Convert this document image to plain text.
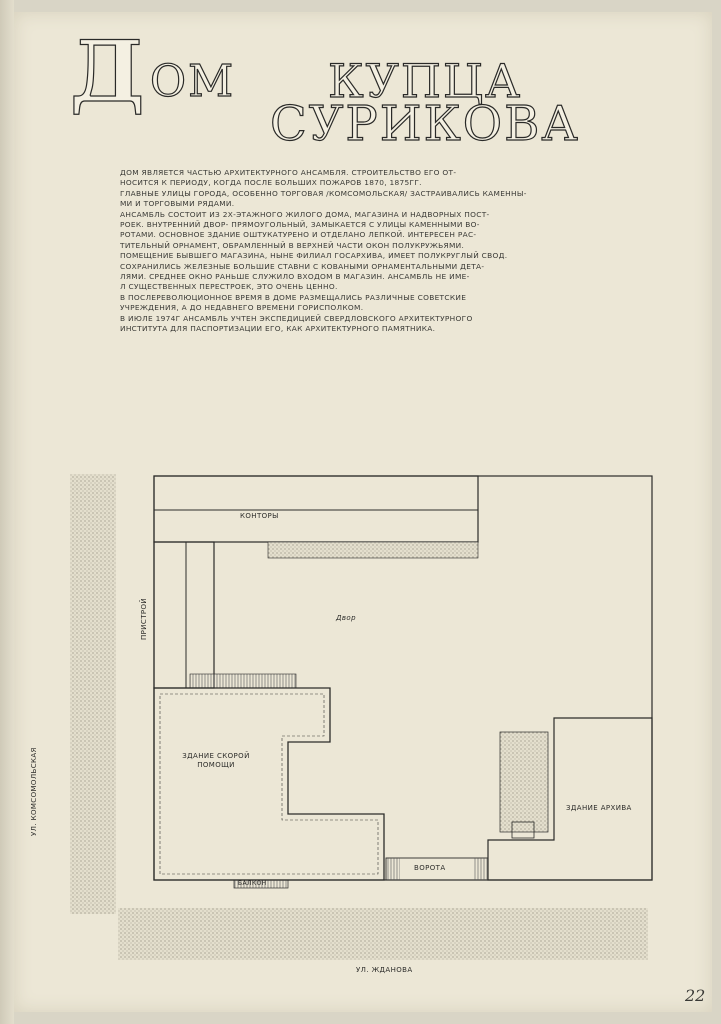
Д ОМ КУПЦА
СУРИКОВА

ДОМ ЯВЛЯЕТСЯ ЧАСТЬЮ АРХИТЕКТУРНОГО АНСАМБЛЯ. СТРОИТЕЛЬСТВО ЕГО ОТ-

НОСИТСЯ К ПЕРИОДУ, КОГДА ПОСЛЕ БОЛЬШИХ ПОЖАРОВ 1870, 1875ГГ.

ГЛАВНЫЕ УЛИЦЫ ГОРОДА, ОСОБЕННО ТОРГОВАЯ /КОМСОМОЛЬСКАЯ/ ЗАСТРАИВАЛИСЬ КАМЕННЫ-

МИ И ТОРГОВЫМИ РЯДАМИ.

АНСАМБЛЬ СОСТОИТ ИЗ 2Х-ЭТАЖНОГО ЖИЛОГО ДОМА, МАГАЗИНА И НАДВОРНЫХ ПОСТ-

РОЕК. ВНУТРЕННИЙ ДВОР- ПРЯМОУГОЛЬНЫЙ, ЗАМЫКАЕТСЯ С УЛИЦЫ КАМЕННЫМИ ВО-

РОТАМИ. ОСНОВНОЕ ЗДАНИЕ ОШТУКАТУРЕНО И ОТДЕЛАНО ЛЕПКОЙ. ИНТЕРЕСЕН РАС-

ТИТЕЛЬНЫЙ ОРНАМЕНТ, ОБРАМЛЕННЫЙ В ВЕРХНЕЙ ЧАСТИ ОКОН ПОЛУКРУЖЬЯМИ.

ПОМЕЩЕНИЕ БЫВШЕГО МАГАЗИНА, НЫНЕ ФИЛИАЛ ГОСАРХИВА, ИМЕЕТ ПОЛУКРУГЛЫЙ СВОД.

СОХРАНИЛИСЬ ЖЕЛЕЗНЫЕ БОЛЬШИЕ СТАВНИ С КОВАНЫМИ ОРНАМЕНТАЛЬНЫМИ ДЕТА-

ЛЯМИ. СРЕДНЕЕ ОКНО РАНЬШЕ СЛУЖИЛО ВХОДОМ В МАГАЗИН. АНСАМБЛЬ НЕ ИМЕ-

Л СУЩЕСТВЕННЫХ ПЕРЕСТРОЕК, ЭТО ОЧЕНЬ ЦЕННО.

В ПОСЛЕРЕВОЛЮЦИОННОЕ ВРЕМЯ В ДОМЕ РАЗМЕЩАЛИСЬ РАЗЛИЧНЫЕ СОВЕТСКИЕ

УЧРЕЖДЕНИЯ, А ДО НЕДАВНЕГО ВРЕМЕНИ ГОРИСПОЛКОМ.

В ИЮЛЕ 1974Г АНСАМБЛЬ УЧТЕН ЭКСПЕДИЦИЕЙ СВЕРДЛОВСКОГО АРХИТЕКТУРНОГО

ИНСТИТУТА ДЛЯ ПАСПОРТИЗАЦИИ ЕГО, КАК АРХИТЕКТУРНОГО ПАМЯТНИКА.

КОНТОРЫ
Двор
ПРИСТРОЙ
ЗДАНИЕ СКОРОЙ ПОМОЩИ
ЗДАНИЕ АРХИВА
ВОРОТА
БАЛКОН
УЛ. КОМСОМОЛЬСКАЯ
УЛ. ЖДАНОВА
22
